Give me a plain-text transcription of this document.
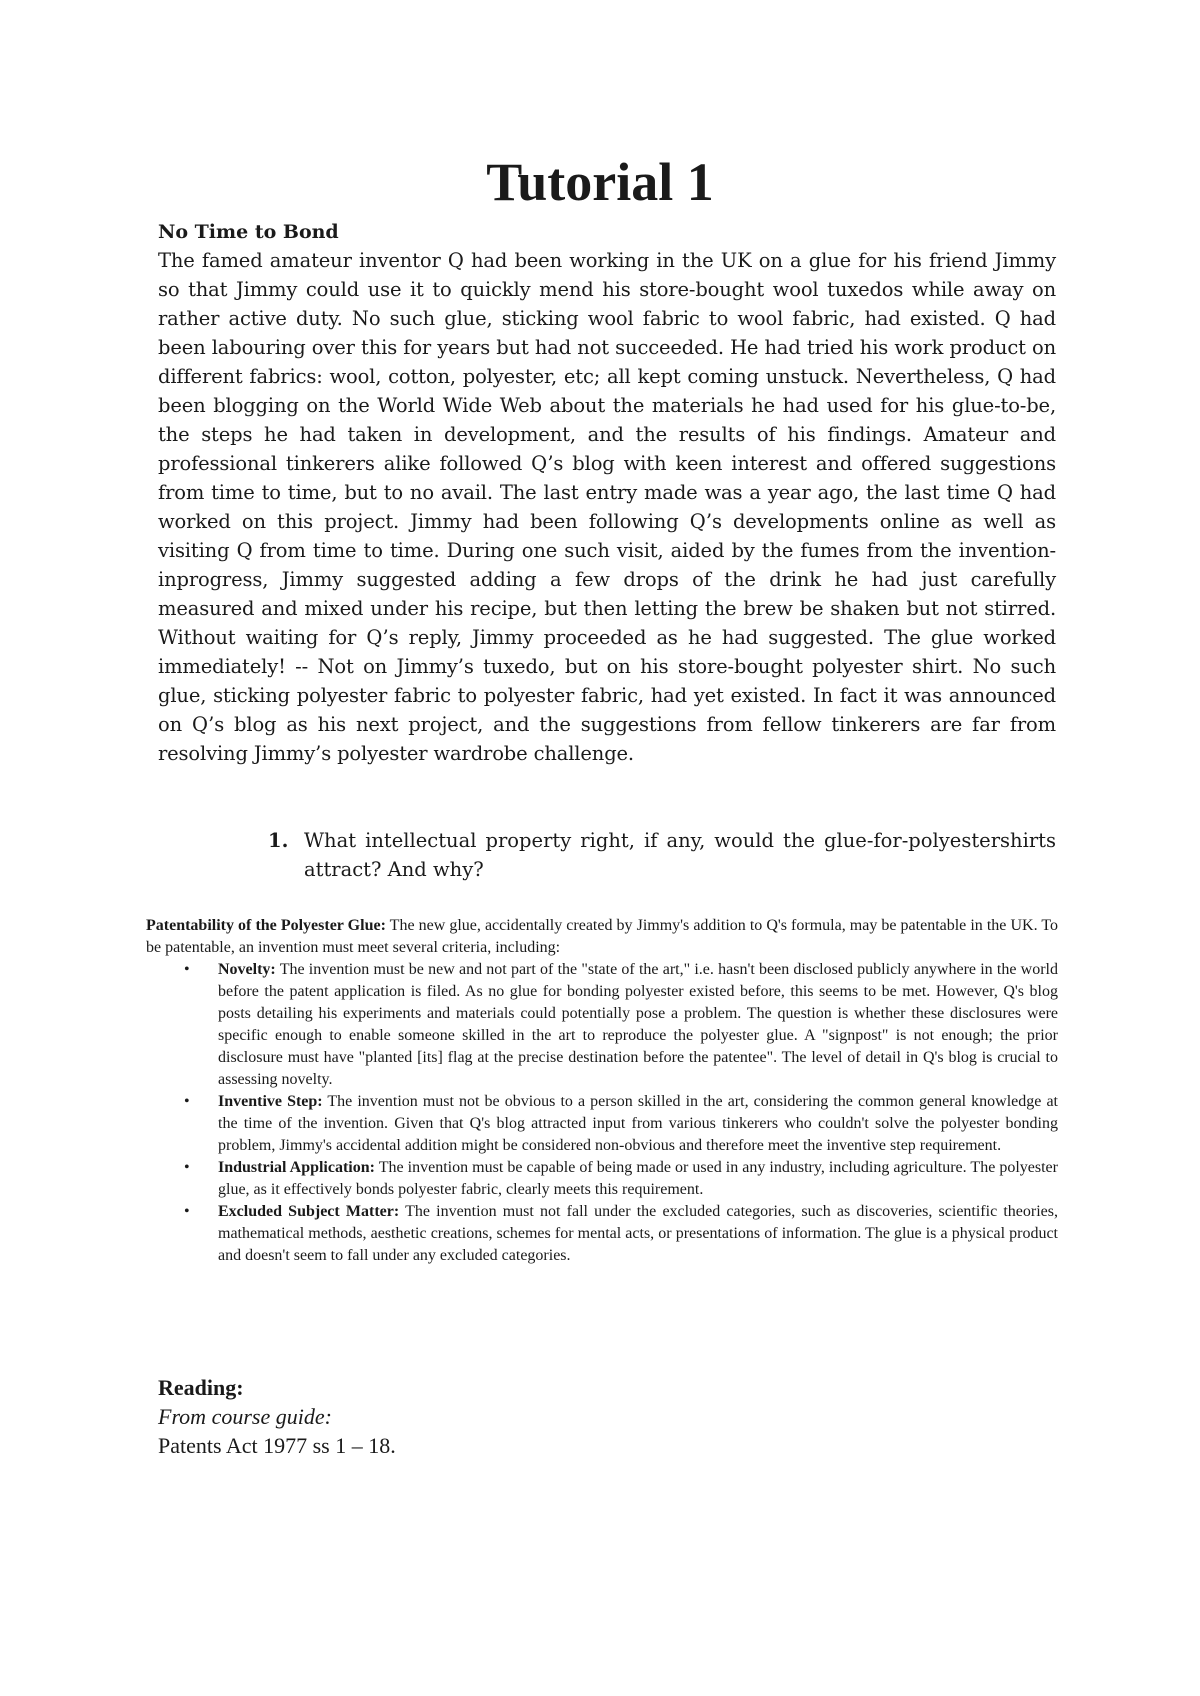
Tutorial 1
No Time to Bond

The famed amateur inventor Q had been working in the UK on a glue for his friend Jimmy so that Jimmy could use it to quickly mend his store-bought wool tuxedos while away on rather active duty. No such glue, sticking wool fabric to wool fabric, had existed. Q had been labouring over this for years but had not succeeded. He had tried his work product on different fabrics: wool, cotton, polyester, etc; all kept coming unstuck. Nevertheless, Q had been blogging on the World Wide Web about the materials he had used for his glue-to-be, the steps he had taken in development, and the results of his findings. Amateur and professional tinkerers alike followed Q’s blog with keen interest and offered suggestions from time to time, but to no avail. The last entry made was a year ago, the last time Q had worked on this project. Jimmy had been following Q’s developments online as well as visiting Q from time to time. During one such visit, aided by the fumes from the invention-inprogress, Jimmy suggested adding a few drops of the drink he had just carefully measured and mixed under his recipe, but then letting the brew be shaken but not stirred. Without waiting for Q’s reply, Jimmy proceeded as he had suggested. The glue worked immediately! -- Not on Jimmy’s tuxedo, but on his store-bought polyester shirt. No such glue, sticking polyester fabric to polyester fabric, had yet existed. In fact it was announced on Q’s blog as his next project, and the suggestions from fellow tinkerers are far from resolving Jimmy’s polyester wardrobe challenge.

1. What intellectual property right, if any, would the glue-for-polyestershirts attract? And why?
Patentability of the Polyester Glue: The new glue, accidentally created by Jimmy's addition to Q's formula, may be patentable in the UK. To be patentable, an invention must meet several criteria, including:
• Novelty: The invention must be new and not part of the "state of the art," i.e. hasn't been disclosed publicly anywhere in the world before the patent application is filed. As no glue for bonding polyester existed before, this seems to be met. However, Q's blog posts detailing his experiments and materials could potentially pose a problem. The question is whether these disclosures were specific enough to enable someone skilled in the art to reproduce the polyester glue. A "signpost" is not enough; the prior disclosure must have "planted [its] flag at the precise destination before the patentee". The level of detail in Q's blog is crucial to assessing novelty.
• Inventive Step: The invention must not be obvious to a person skilled in the art, considering the common general knowledge at the time of the invention. Given that Q's blog attracted input from various tinkerers who couldn't solve the polyester bonding problem, Jimmy's accidental addition might be considered non-obvious and therefore meet the inventive step requirement.
• Industrial Application: The invention must be capable of being made or used in any industry, including agriculture. The polyester glue, as it effectively bonds polyester fabric, clearly meets this requirement.
• Excluded Subject Matter: The invention must not fall under the excluded categories, such as discoveries, scientific theories, mathematical methods, aesthetic creations, schemes for mental acts, or presentations of information. The glue is a physical product and doesn't seem to fall under any excluded categories.
Reading:
From course guide:
Patents Act 1977 ss 1 – 18.
